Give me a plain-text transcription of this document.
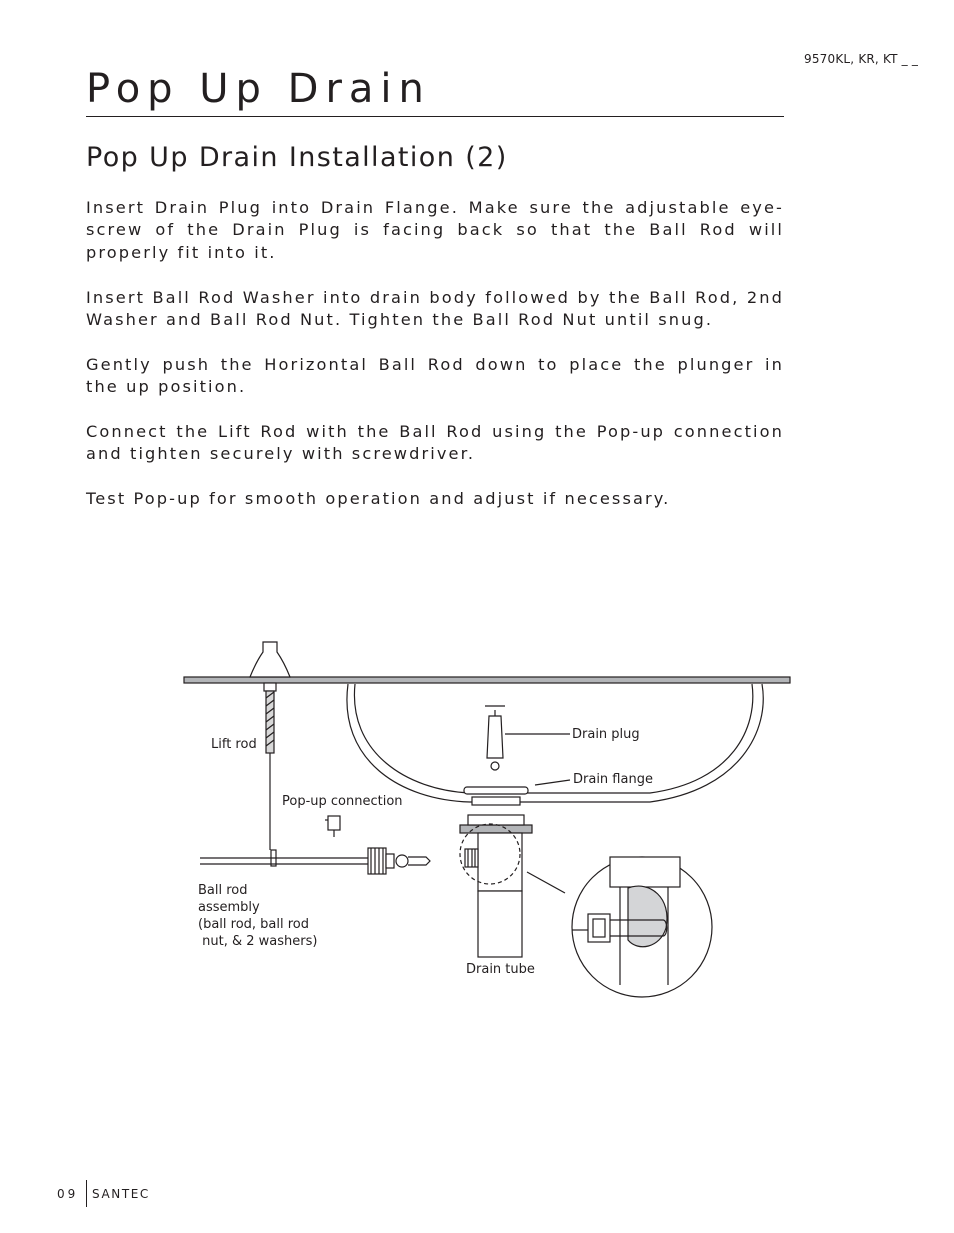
9570KL, KR, KT _ _
Pop Up Drain
Pop Up Drain Installation (2)

Insert Drain Plug into Drain Flange. Make sure the adjustable eye-screw of the Drain Plug is facing back so that the Ball Rod will properly fit into it.

Insert Ball Rod Washer into drain body followed by the Ball Rod, 2nd Washer and Ball Rod Nut. Tighten the Ball Rod Nut until snug.

Gently push the Horizontal Ball Rod down to place the plunger in the up position.

Connect the Lift Rod with the Ball Rod using the Pop-up connection and tighten securely with screwdriver.

Test Pop-up for smooth operation and adjust if necessary.

Lift rod
Pop-up connection
Ball rod
assembly
(ball rod, ball rod
nut, & 2 washers)
Drain plug
Drain flange
Drain tube
09 SANTEC
